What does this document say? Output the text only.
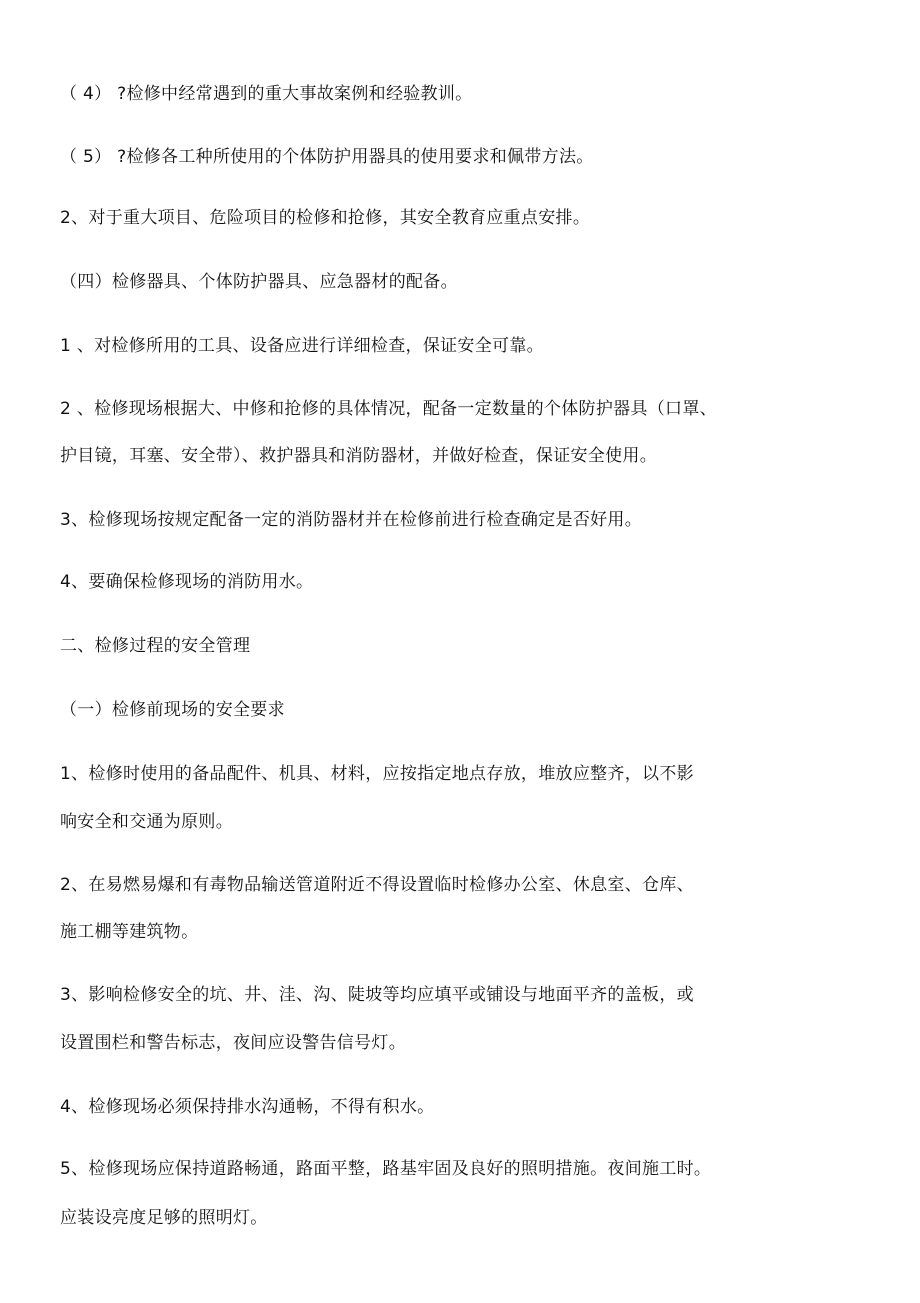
（ 4） ?检修中经常遇到的重大事故案例和经验教训。
（ 5） ?检修各工种所使用的个体防护用器具的使用要求和佩带方法。
2、对于重大项目、危险项目的检修和抢修，其安全教育应重点安排。
（四）检修器具、个体防护器具、应急器材的配备。
1 、对检修所用的工具、设备应进行详细检查，保证安全可靠。
2 、检修现场根据大、中修和抢修的具体情况，配备一定数量的个体防护器具（口罩、
护目镜，耳塞、安全带）、救护器具和消防器材，并做好检查，保证安全使用。
3、检修现场按规定配备一定的消防器材并在检修前进行检查确定是否好用。
4、要确保检修现场的消防用水。
二、检修过程的安全管理
（一）检修前现场的安全要求
1、检修时使用的备品配件、机具、材料，应按指定地点存放，堆放应整齐，以不影
响安全和交通为原则。
2、在易燃易爆和有毒物品输送管道附近不得设置临时检修办公室、休息室、仓库、
施工棚等建筑物。
3、影响检修安全的坑、井、洼、沟、陡坡等均应填平或铺设与地面平齐的盖板，或
设置围栏和警告标志，夜间应设警告信号灯。
4、检修现场必须保持排水沟通畅，不得有积水。
5、检修现场应保持道路畅通，路面平整，路基牢固及良好的照明措施。夜间施工时。
应装设亮度足够的照明灯。
